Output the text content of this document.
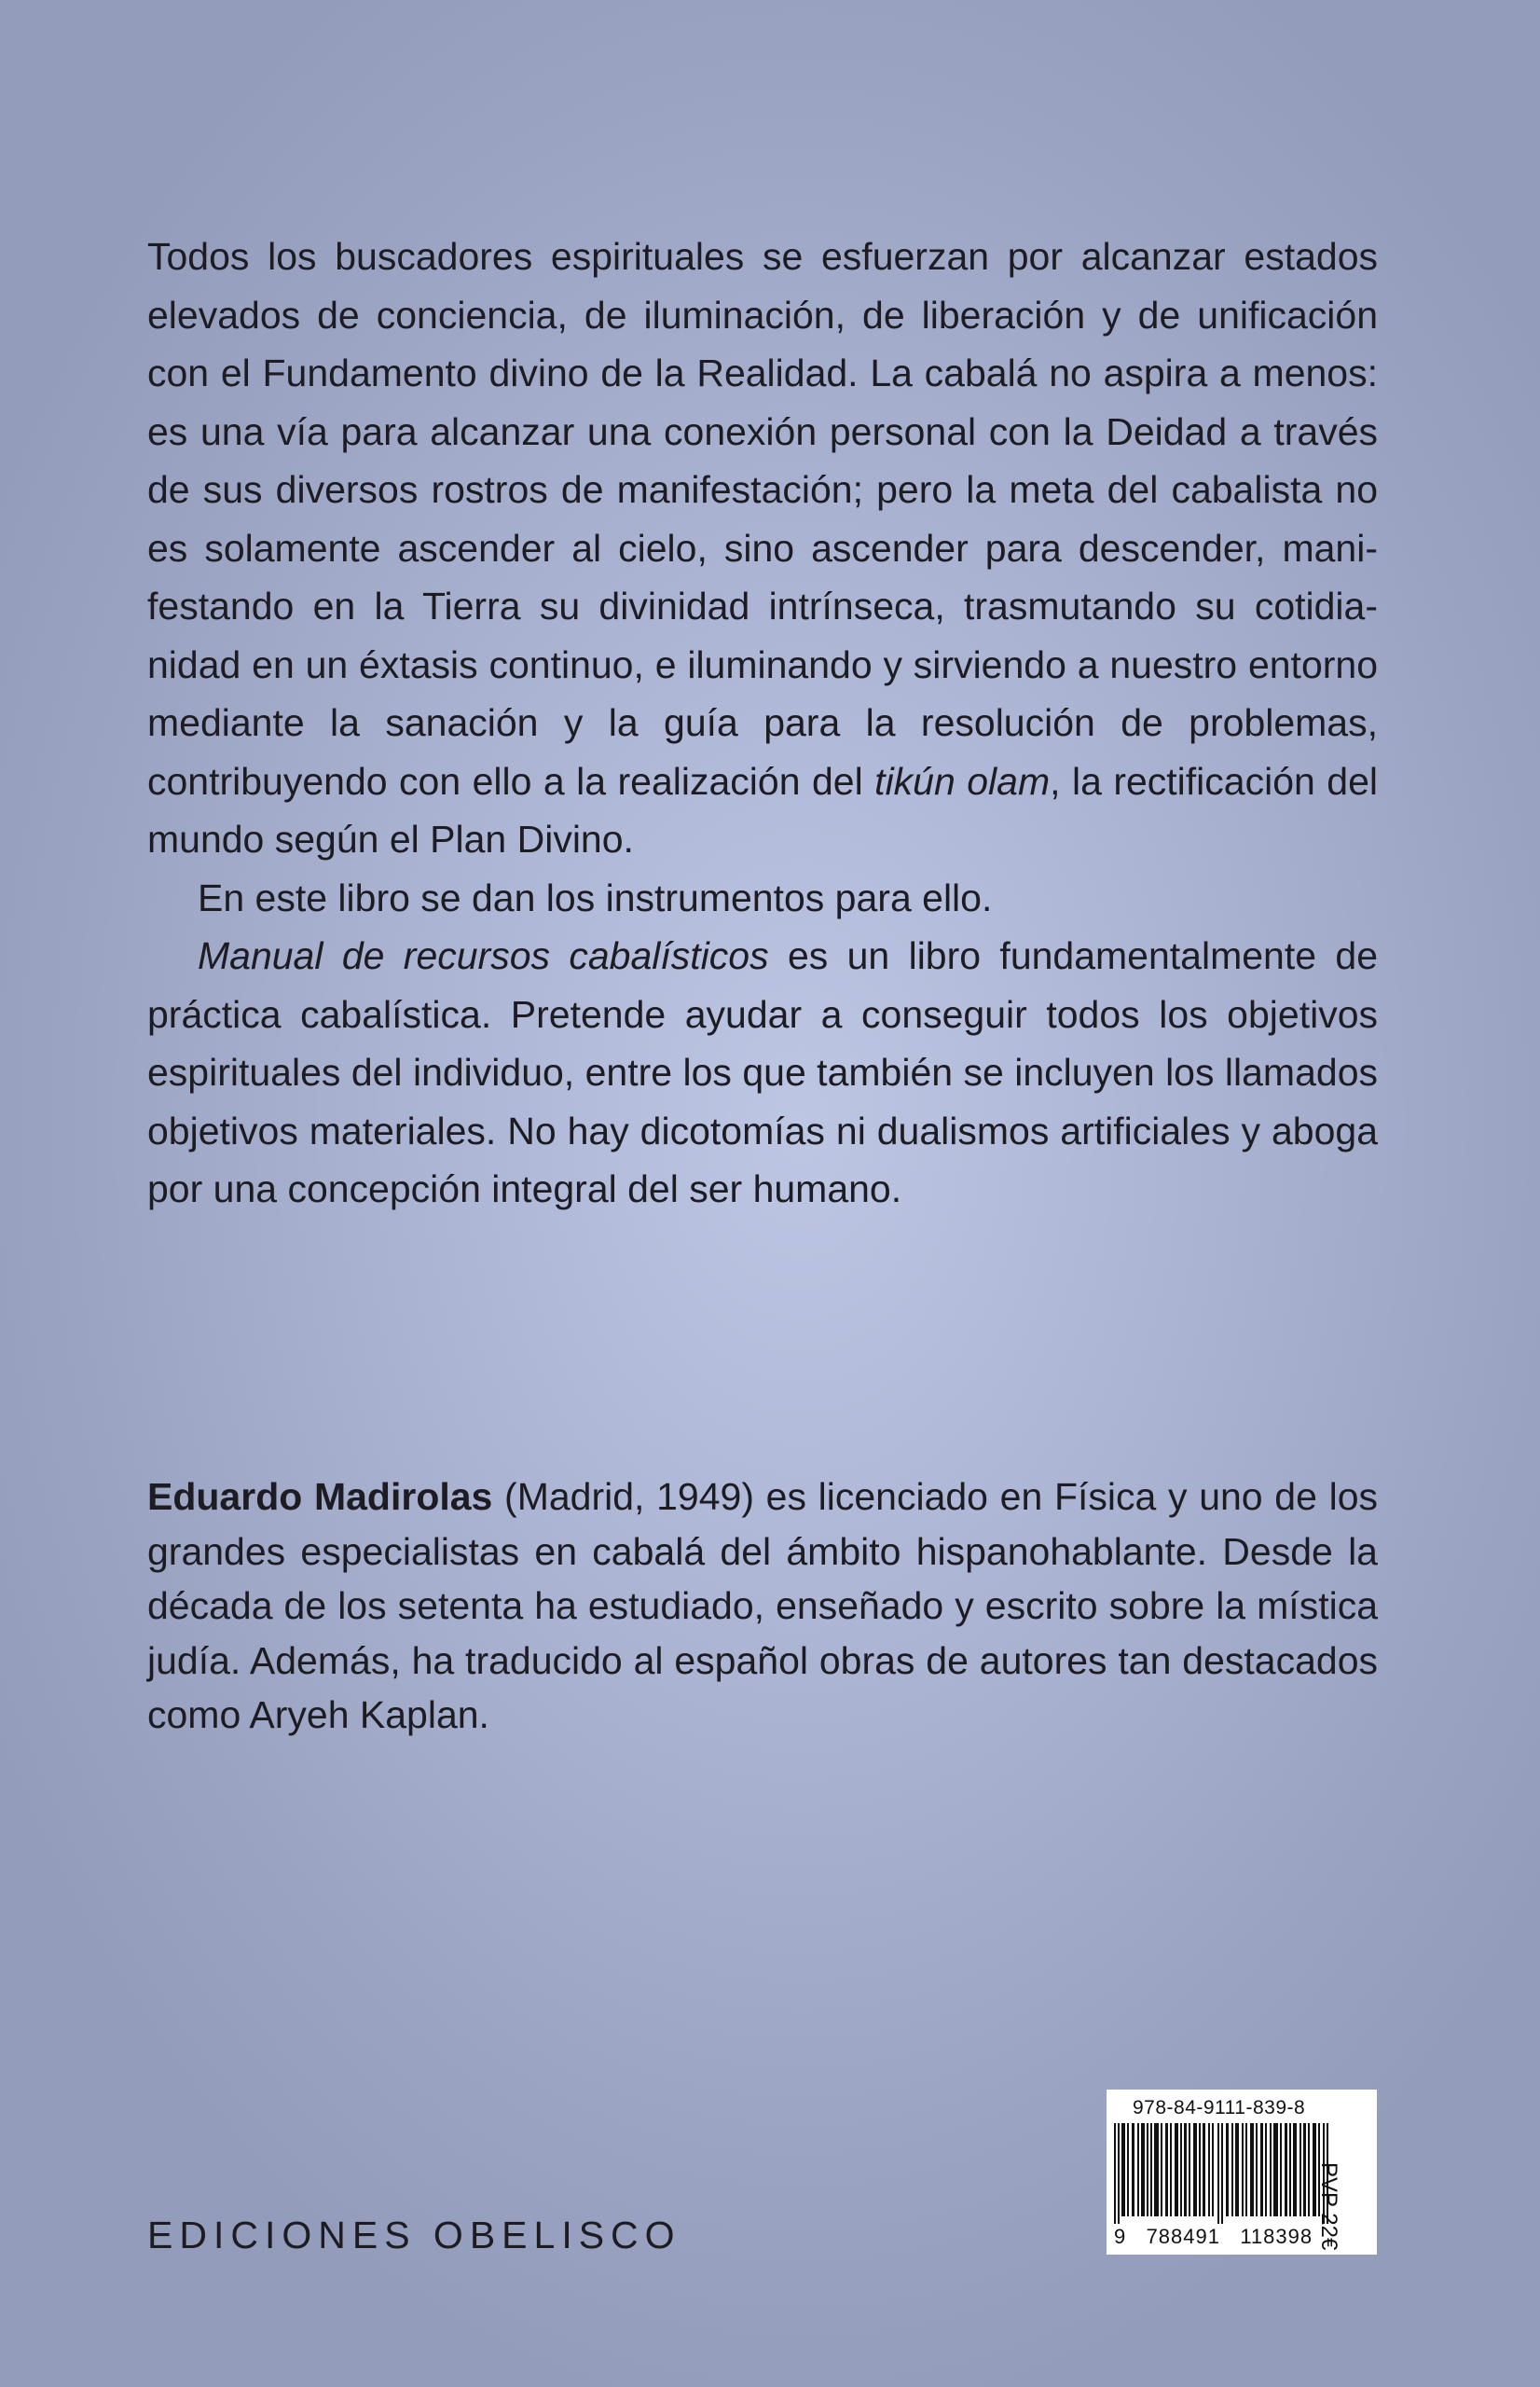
Todos los buscadores espirituales se esfuerzan por alcanzar estados elevados de conciencia, de iluminación, de liberación y de unificación con el Fundamento divino de la Realidad. La cabalá no aspira a menos: es una vía para alcanzar una conexión personal con la Deidad a través de sus diversos rostros de manifestación; pero la meta del cabalista no es solamente ascender al cielo, sino ascender para descender, manifestando en la Tierra su divinidad intrínseca, trasmutando su cotidianidad en un éxtasis continuo, e iluminando y sirviendo a nuestro entorno mediante la sanación y la guía para la resolución de problemas, contribuyendo con ello a la realización del tikún olam, la rectificación del mundo según el Plan Divino.

En este libro se dan los instrumentos para ello.

Manual de recursos cabalísticos es un libro fundamentalmente de práctica cabalística. Pretende ayudar a conseguir todos los objetivos espirituales del individuo, entre los que también se incluyen los llamados objetivos materiales. No hay dicotomías ni dualismos artificiales y aboga por una concepción integral del ser humano.

Eduardo Madirolas (Madrid, 1949) es licenciado en Física y uno de los grandes especialistas en cabalá del ámbito hispanohablante. Desde la década de los setenta ha estudiado, enseñado y escrito sobre la mística judía. Además, ha traducido al español obras de autores tan destacados como Aryeh Kaplan.

EDICIONES OBELISCO
978-84-9111-839-8
9   788491   118398 PVP 22€
